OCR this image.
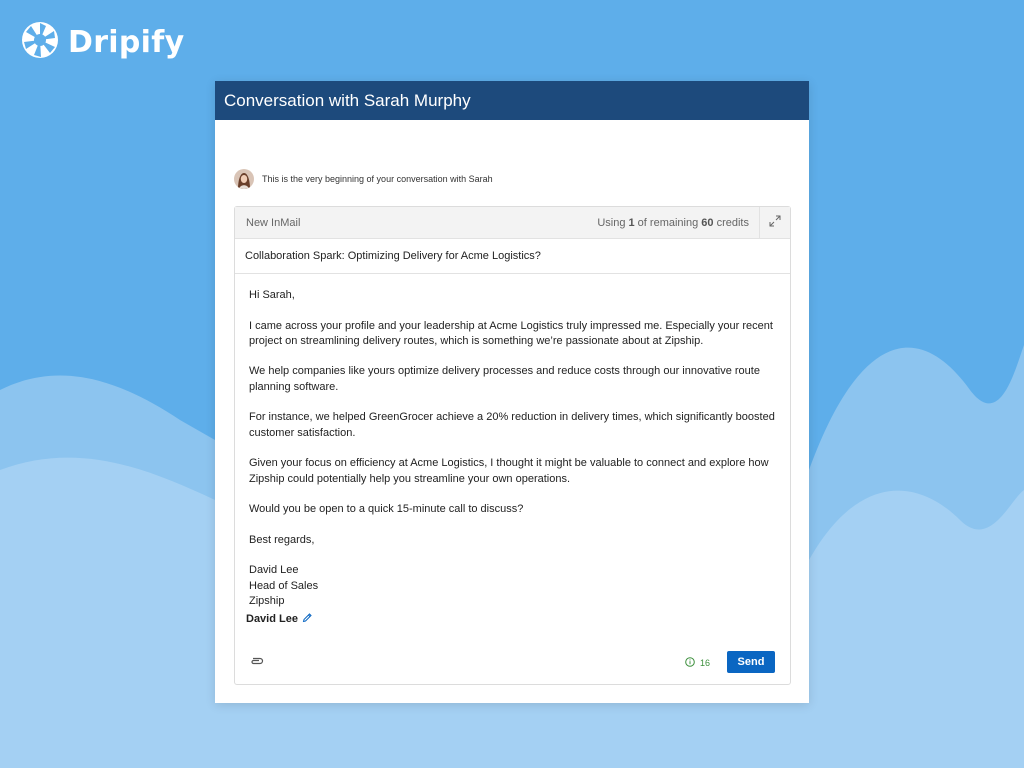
Dripify
Conversation with Sarah Murphy
This is the very beginning of your conversation with Sarah
New InMail	Using 1 of remaining 60 credits
Collaboration Spark: Optimizing Delivery for Acme Logistics?

Hi Sarah,

I came across your profile and your leadership at Acme Logistics truly impressed me. Especially your recent project on streamlining delivery routes, which is something we’re passionate about at Zipship.

We help companies like yours optimize delivery processes and reduce costs through our innovative route planning software.

For instance, we helped GreenGrocer achieve a 20% reduction in delivery times, which significantly boosted customer satisfaction.

Given your focus on efficiency at Acme Logistics, I thought it might be valuable to connect and explore how Zipship could potentially help you streamline your own operations.

Would you be open to a quick 15-minute call to discuss?

Best regards,

David Lee
Head of Sales
Zipship
David Lee
16	Send
